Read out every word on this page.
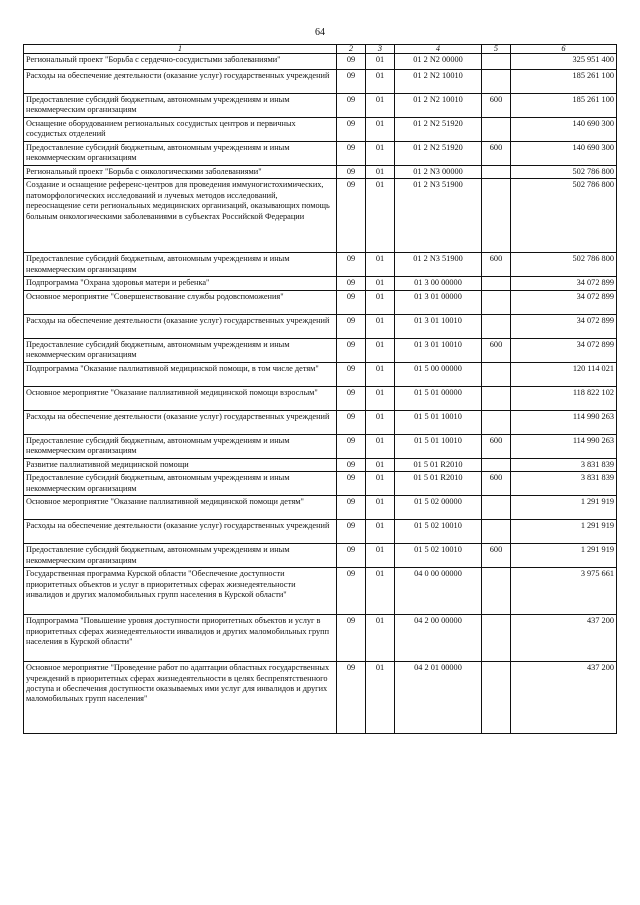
64
1	2	3	4	5	6
Региональный проект "Борьба с сердечно-сосудистыми заболеваниями"	09	01	01 2 N2 00000		325 951 400
Расходы на обеспечение деятельности (оказание услуг) государственных учреждений	09	01	01 2 N2 10010		185 261 100
Предоставление субсидий бюджетным, автономным учреждениям и иным некоммерческим организациям	09	01	01 2 N2 10010	600	185 261 100
Оснащение оборудованием региональных сосудистых центров и первичных сосудистых отделений	09	01	01 2 N2 51920		140 690 300
Предоставление субсидий бюджетным, автономным учреждениям и иным некоммерческим организациям	09	01	01 2 N2 51920	600	140 690 300
Региональный проект "Борьба с онкологическими заболеваниями"	09	01	01 2 N3 00000		502 786 800
Создание и оснащение референс-центров для проведения иммуногистохимических, патоморфологических исследований и лучевых методов исследований, переоснащение сети региональных медицинских организаций, оказывающих помощь больным онкологическими заболеваниями в субъектах Российской Федерации	09	01	01 2 N3 51900		502 786 800
Предоставление субсидий бюджетным, автономным учреждениям и иным некоммерческим организациям	09	01	01 2 N3 51900	600	502 786 800
Подпрограмма "Охрана здоровья матери и ребенка"	09	01	01 3 00 00000		34 072 899
Основное мероприятие "Совершенствование службы родовспоможения"	09	01	01 3 01 00000		34 072 899
Расходы на обеспечение деятельности (оказание услуг) государственных учреждений	09	01	01 3 01 10010		34 072 899
Предоставление субсидий бюджетным, автономным учреждениям и иным некоммерческим организациям	09	01	01 3 01 10010	600	34 072 899
Подпрограмма "Оказание паллиативной медицинской помощи, в том числе детям"	09	01	01 5 00 00000		120 114 021
Основное мероприятие "Оказание паллиативной медицинской помощи взрослым"	09	01	01 5 01 00000		118 822 102
Расходы на обеспечение деятельности (оказание услуг) государственных учреждений	09	01	01 5 01 10010		114 990 263
Предоставление субсидий бюджетным, автономным учреждениям и иным некоммерческим организациям	09	01	01 5 01 10010	600	114 990 263
Развитие паллиативной медицинской помощи	09	01	01 5 01 R2010		3 831 839
Предоставление субсидий бюджетным, автономным учреждениям и иным некоммерческим организациям	09	01	01 5 01 R2010	600	3 831 839
Основное мероприятие "Оказание паллиативной медицинской помощи детям"	09	01	01 5 02 00000		1 291 919
Расходы на обеспечение деятельности (оказание услуг) государственных учреждений	09	01	01 5 02 10010		1 291 919
Предоставление субсидий бюджетным, автономным учреждениям и иным некоммерческим организациям	09	01	01 5 02 10010	600	1 291 919
Государственная программа Курской области "Обеспечение доступности приоритетных объектов и услуг в приоритетных сферах жизнедеятельности инвалидов и других маломобильных групп населения в Курской области"	09	01	04 0 00 00000		3 975 661
Подпрограмма "Повышение уровня доступности приоритетных объектов и услуг в приоритетных сферах жизнедеятельности инвалидов и других маломобильных групп населения в Курской области"	09	01	04 2 00 00000		437 200
Основное мероприятие "Проведение работ по адаптации областных государственных учреждений в приоритетных сферах жизнедеятельности в целях беспрепятственного доступа и обеспечения доступности оказываемых ими услуг для инвалидов и других маломобильных групп населения"	09	01	04 2 01 00000		437 200
